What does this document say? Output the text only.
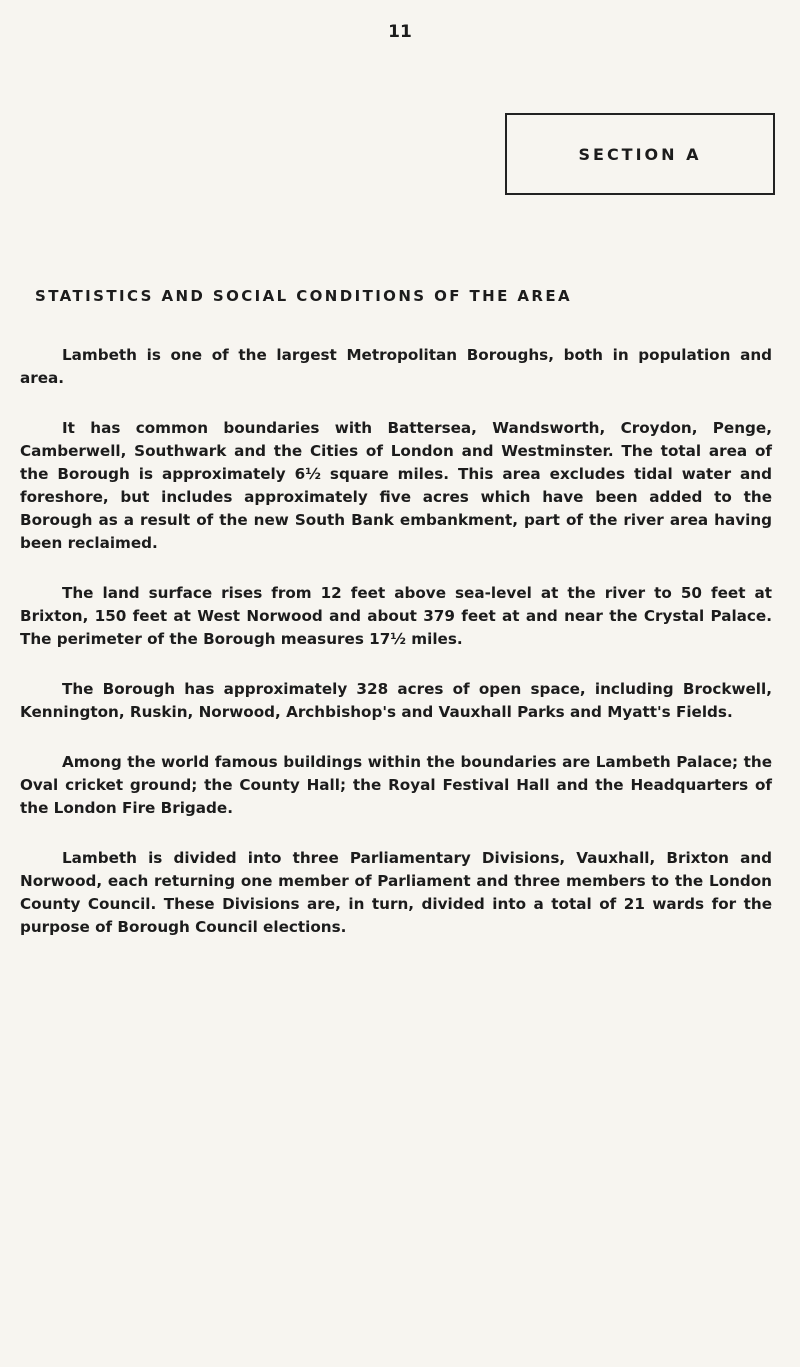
11
SECTION A
STATISTICS AND SOCIAL CONDITIONS OF THE AREA

Lambeth is one of the largest Metropolitan Boroughs, both in population and area.

It has common boundaries with Battersea, Wandsworth, Croydon, Penge, Camberwell, Southwark and the Cities of London and Westminster. The total area of the Borough is approximately 6½ square miles. This area excludes tidal water and foreshore, but includes approximately five acres which have been added to the Borough as a result of the new South Bank embankment, part of the river area having been reclaimed.

The land surface rises from 12 feet above sea-level at the river to 50 feet at Brixton, 150 feet at West Norwood and about 379 feet at and near the Crystal Palace. The perimeter of the Borough measures 17½ miles.

The Borough has approximately 328 acres of open space, including Brockwell, Kennington, Ruskin, Norwood, Archbishop's and Vauxhall Parks and Myatt's Fields.

Among the world famous buildings within the boundaries are Lambeth Palace; the Oval cricket ground; the County Hall; the Royal Festival Hall and the Headquarters of the London Fire Brigade.

Lambeth is divided into three Parliamentary Divisions, Vauxhall, Brixton and Norwood, each returning one member of Parliament and three members to the London County Council. These Divisions are, in turn, divided into a total of 21 wards for the purpose of Borough Council elections.
